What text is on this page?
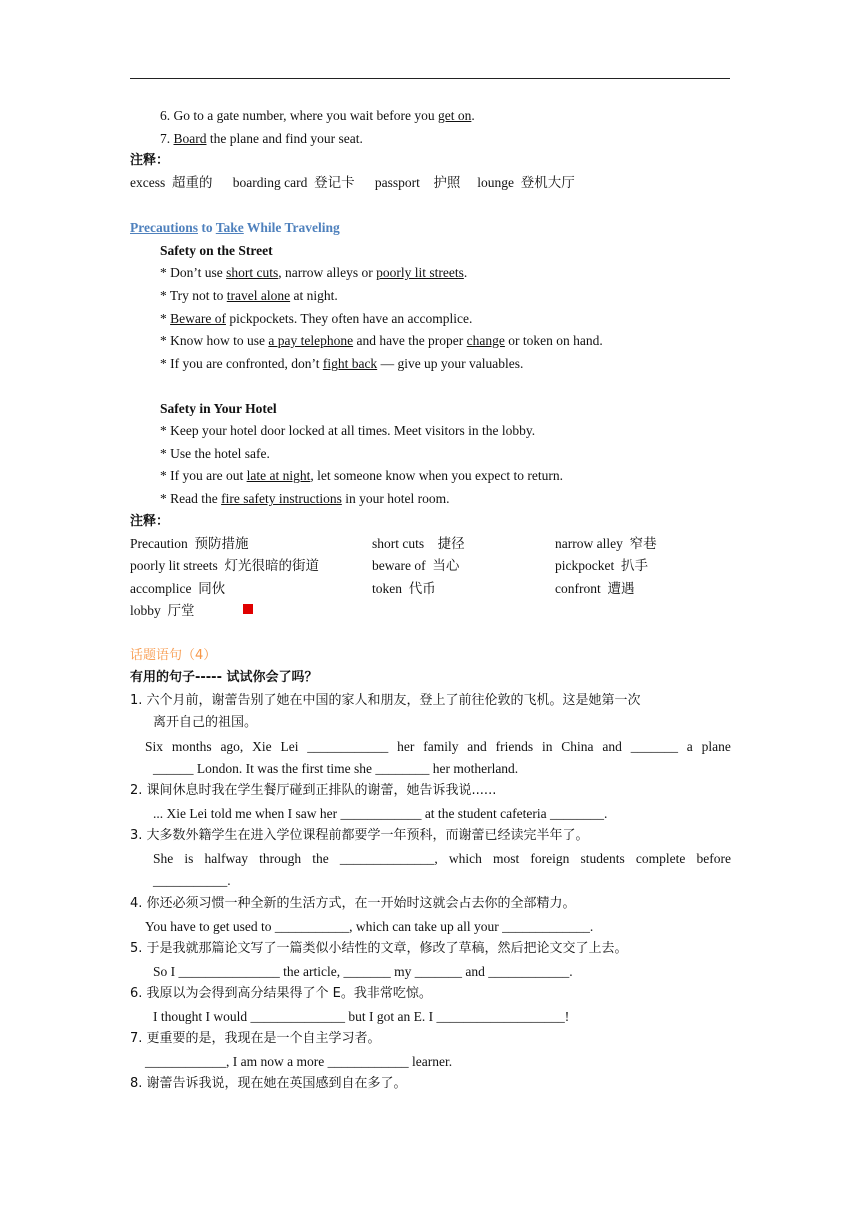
6. Go to a gate number, where you wait before you get on.
7. Board the plane and find your seat.
注释：
excess  超重的      boarding card  登记卡      passport    护照     lounge  登机大厅
Precautions to Take While Traveling
Safety on the Street
* Don’t use short cuts, narrow alleys or poorly lit streets.
* Try not to travel alone at night.
* Beware of pickpockets. They often have an accomplice.
* Know how to use a pay telephone and have the proper change or token on hand.
* If you are confronted, don’t fight back — give up your valuables.
Safety in Your Hotel
* Keep your hotel door locked at all times. Meet visitors in the lobby.
* Use the hotel safe.
* If you are out late at night, let someone know when you expect to return.
* Read the fire safety instructions in your hotel room.
注释：
Precaution  预防措施
poorly lit streets  灯光很暗的街道
accomplice  同伙
lobby  厅堂
short cuts    捷径
beware of  当心
token  代币
narrow alley  窄巷
pickpocket  扒手
confront  遭遇
话题语句（4）
有用的句子----- 试试你会了吗？
1. 六个月前，谢蕾告别了她在中国的家人和朋友，登上了前往伦敦的飞机。这是她第一次
离开自己的祖国。
Six months ago, Xie Lei ____________ her family and friends in China and _______ a plane
______ London. It was the first time she ________ her motherland.
2. 课间休息时我在学生餐厅碰到正排队的谢蕾，她告诉我说......
... Xie Lei told me when I saw her ____________ at the student cafeteria ________.
3. 大多数外籍学生在进入学位课程前都要学一年预科，而谢蕾已经读完半年了。
She is halfway through the ______________, which most foreign students complete before
___________.
4. 你还必须习惯一种全新的生活方式，在一开始时这就会占去你的全部精力。
You have to get used to ___________, which can take up all your _____________.
5. 于是我就那篇论文写了一篇类似小结性的文章，修改了草稿，然后把论文交了上去。
So I _______________ the article, _______ my _______ and ____________.
6. 我原以为会得到高分结果得了个 E。我非常吃惊。
I thought I would ______________ but I got an E. I ___________________!
7. 更重要的是，我现在是一个自主学习者。
____________, I am now a more ____________ learner.
8. 谢蕾告诉我说，现在她在英国感到自在多了。
